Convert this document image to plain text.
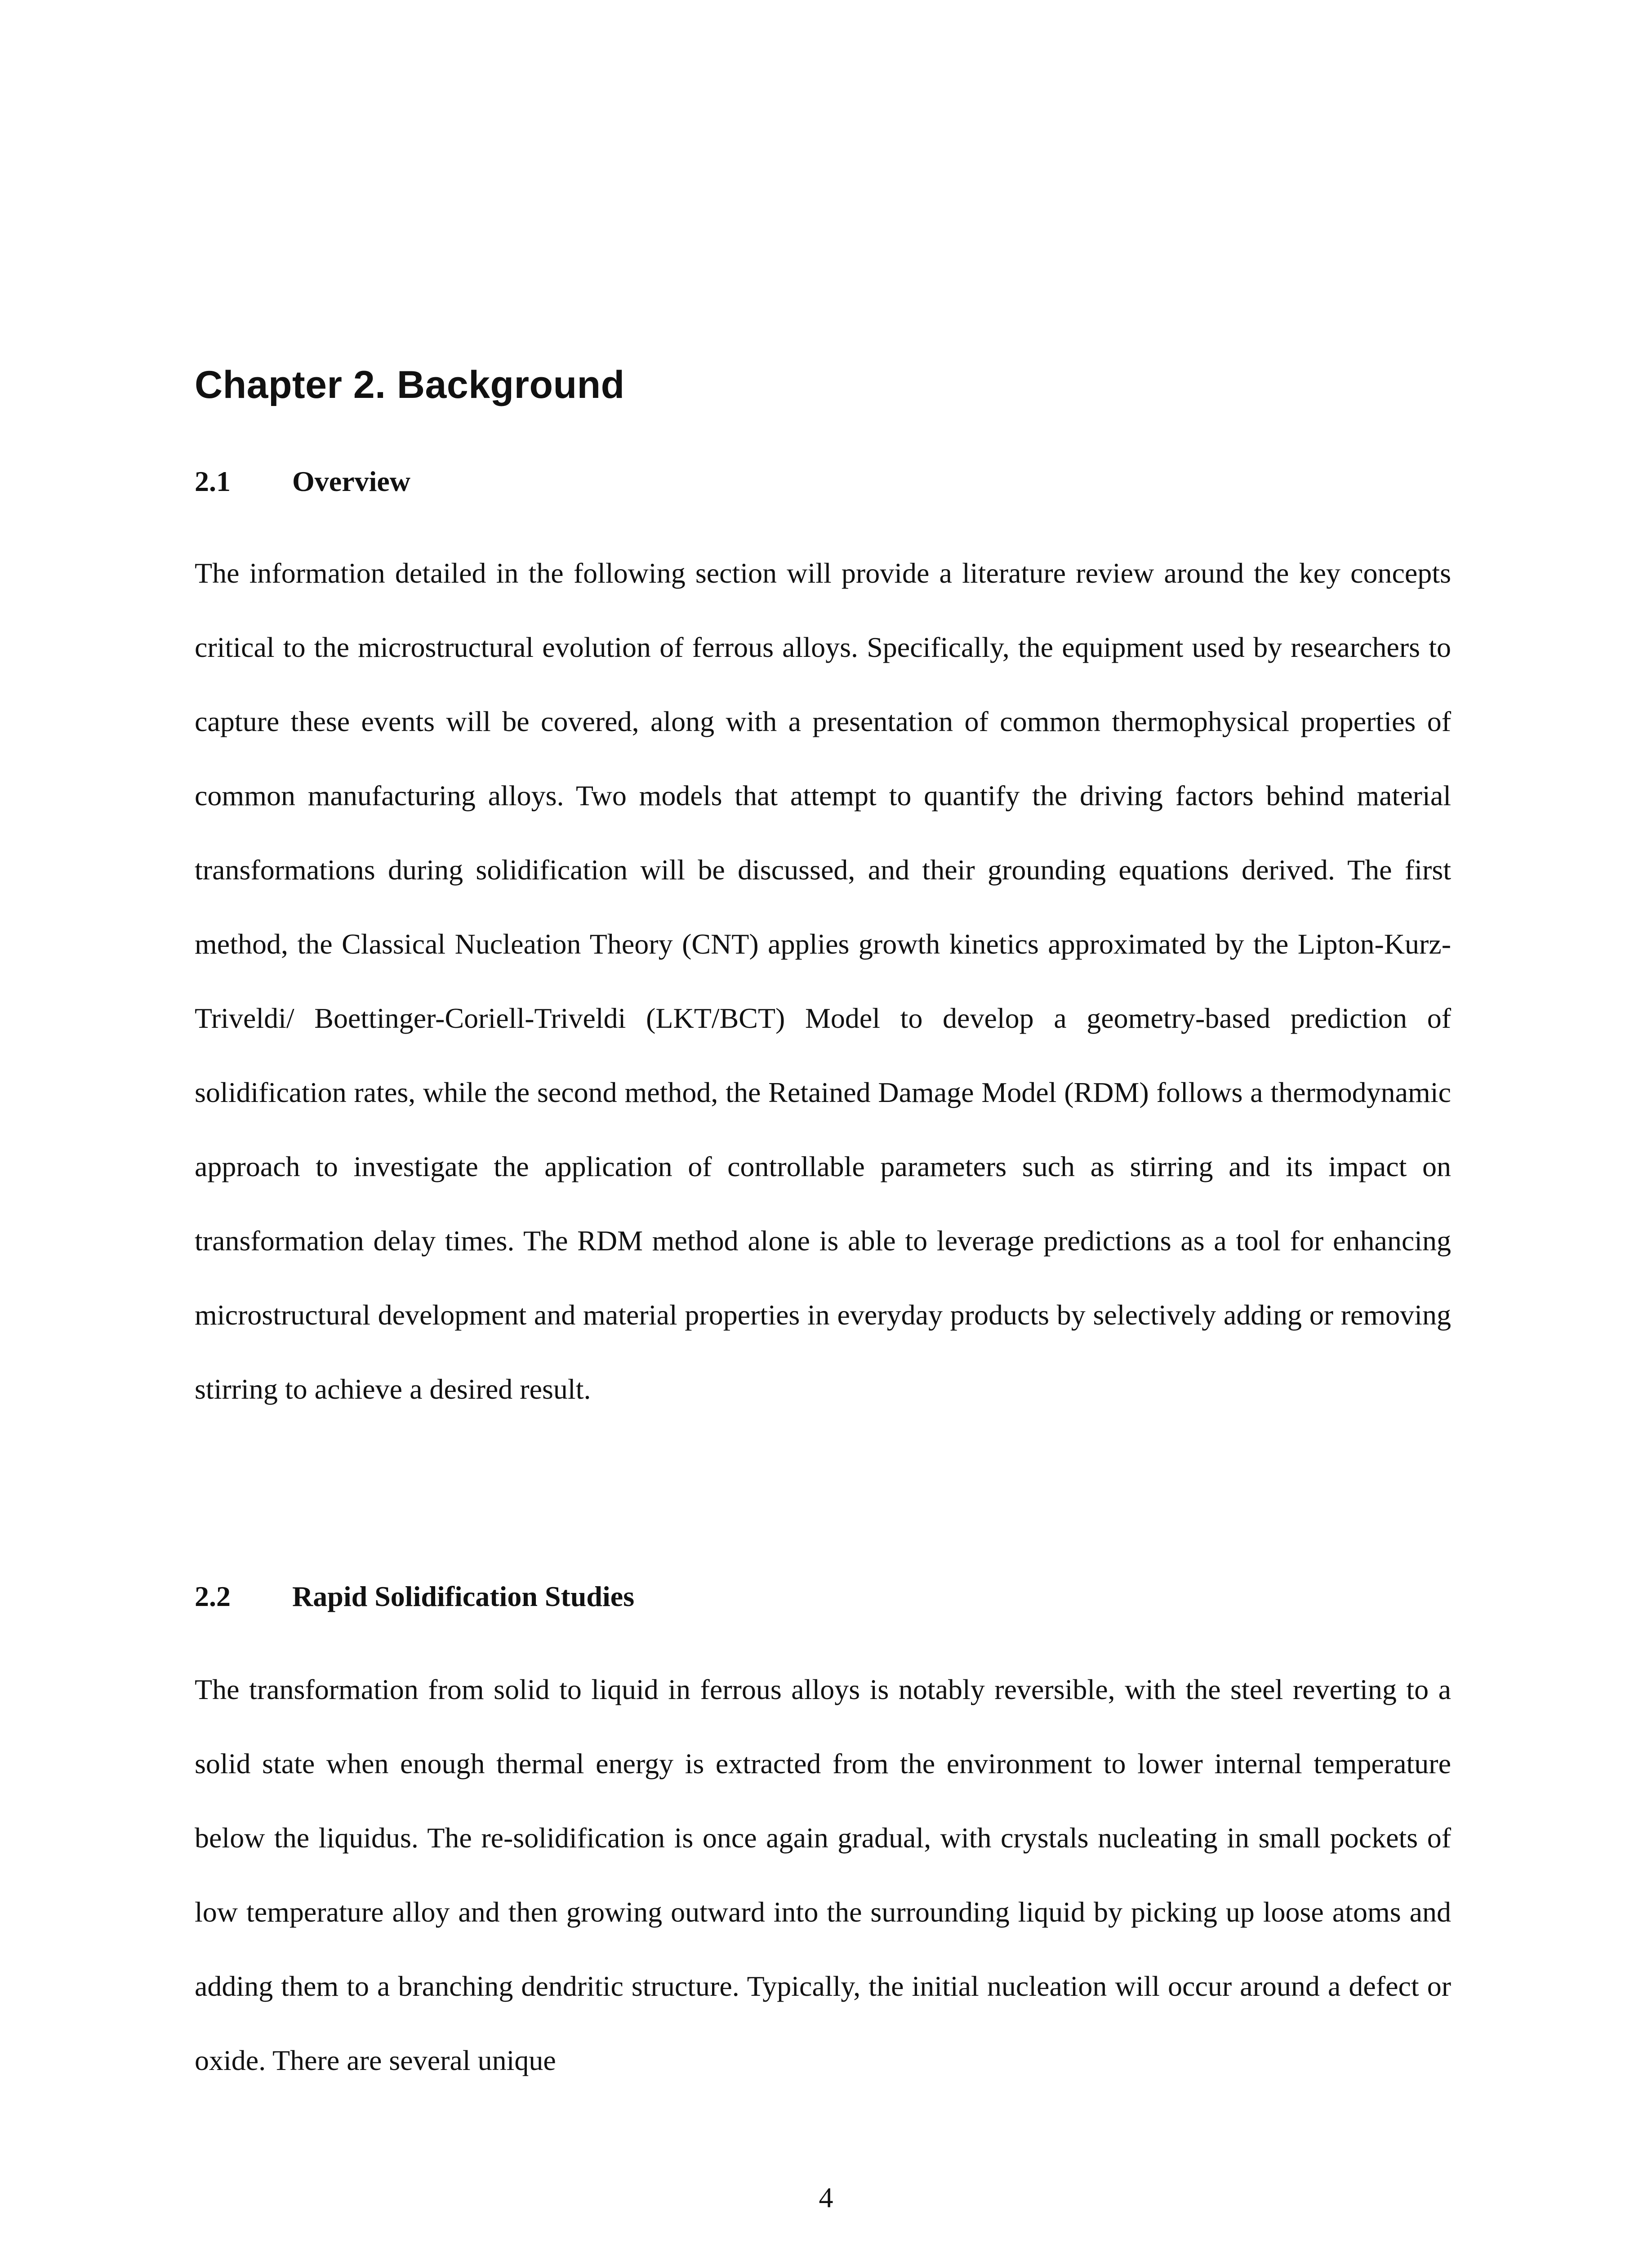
Chapter 2. Background
2.1 Overview

The information detailed in the following section will provide a literature review around the key concepts critical to the microstructural evolution of ferrous alloys. Specifically, the equipment used by researchers to capture these events will be covered, along with a presentation of common thermophysical properties of common manufacturing alloys. Two models that attempt to quantify the driving factors behind material transformations during solidification will be discussed, and their grounding equations derived. The first method, the Classical Nucleation Theory (CNT) applies growth kinetics approximated by the Lipton-Kurz-Triveldi/ Boettinger-Coriell-Triveldi (LKT/BCT) Model to develop a geometry-based prediction of solidification rates, while the second method, the Retained Damage Model (RDM) follows a thermodynamic approach to investigate the application of controllable parameters such as stirring and its impact on transformation delay times. The RDM method alone is able to leverage predictions as a tool for enhancing microstructural development and material properties in everyday products by selectively adding or removing stirring to achieve a desired result.

2.2 Rapid Solidification Studies

The transformation from solid to liquid in ferrous alloys is notably reversible, with the steel reverting to a solid state when enough thermal energy is extracted from the environment to lower internal temperature below the liquidus. The re-solidification is once again gradual, with crystals nucleating in small pockets of low temperature alloy and then growing outward into the surrounding liquid by picking up loose atoms and adding them to a branching dendritic structure. Typically, the initial nucleation will occur around a defect or oxide. There are several unique

4
